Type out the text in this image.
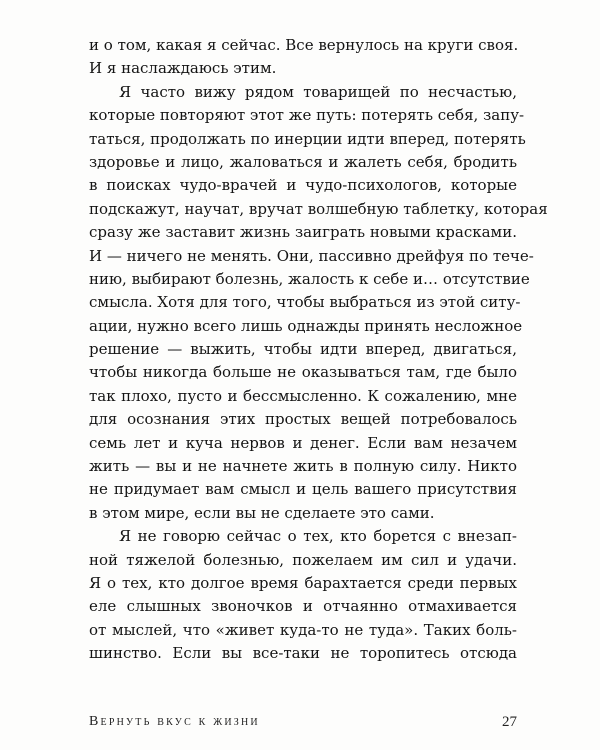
и о том, какая я сейчас. Все вернулось на круги своя.
И я наслаждаюсь этим.
Я часто вижу рядом товарищей по несчастью,
которые повторяют этот же путь: потерять себя, запу-
таться, продолжать по инерции идти вперед, потерять
здоровье и лицо, жаловаться и жалеть себя, бродить
в поисках чудо-врачей и чудо-психологов, которые
подскажут, научат, вручат волшебную таблетку, которая
сразу же заставит жизнь заиграть новыми красками.
И — ничего не менять. Они, пассивно дрейфуя по тече-
нию, выбирают болезнь, жалость к себе и… отсутствие
смысла. Хотя для того, чтобы выбраться из этой ситу-
ации, нужно всего лишь однажды принять несложное
решение — выжить, чтобы идти вперед, двигаться,
чтобы никогда больше не оказываться там, где было
так плохо, пусто и бессмысленно. К сожалению, мне
для осознания этих простых вещей потребовалось
семь лет и куча нервов и денег. Если вам незачем
жить — вы и не начнете жить в полную силу. Никто
не придумает вам смысл и цель вашего присутствия
в этом мире, если вы не сделаете это сами.
Я не говорю сейчас о тех, кто борется с внезап-
ной тяжелой болезнью, пожелаем им сил и удачи.
Я о тех, кто долгое время барахтается среди первых
еле слышных звоночков и отчаянно отмахивается
от мыслей, что «живет куда-то не туда». Таких боль-
шинство. Если вы все-таки не торопитесь отсюда
Вернуть вкус к жизни	27
